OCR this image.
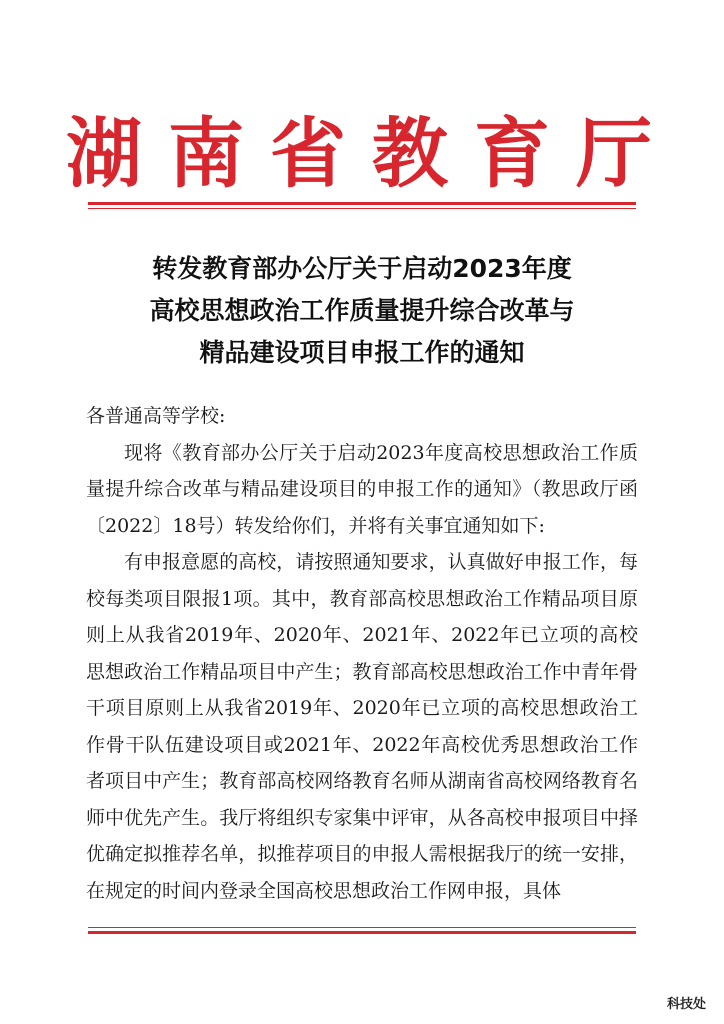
湖南省教育厅
转发教育部办公厅关于启动2023年度
高校思想政治工作质量提升综合改革与
精品建设项目申报工作的通知

各普通高等学校:

现将《教育部办公厅关于启动2023年度高校思想政治工作质量提升综合改革与精品建设项目的申报工作的通知》（教思政厅函〔2022〕18号）转发给你们，并将有关事宜通知如下:

有申报意愿的高校，请按照通知要求，认真做好申报工作，每校每类项目限报1项。其中，教育部高校思想政治工作精品项目原则上从我省2019年、2020年、2021年、2022年已立项的高校思想政治工作精品项目中产生；教育部高校思想政治工作中青年骨干项目原则上从我省2019年、2020年已立项的高校思想政治工作骨干队伍建设项目或2021年、2022年高校优秀思想政治工作者项目中产生；教育部高校网络教育名师从湖南省高校网络教育名师中优先产生。我厅将组织专家集中评审，从各高校申报项目中择优确定拟推荐名单，拟推荐项目的申报人需根据我厅的统一安排，在规定的时间内登录全国高校思想政治工作网申报，具体

科技处
